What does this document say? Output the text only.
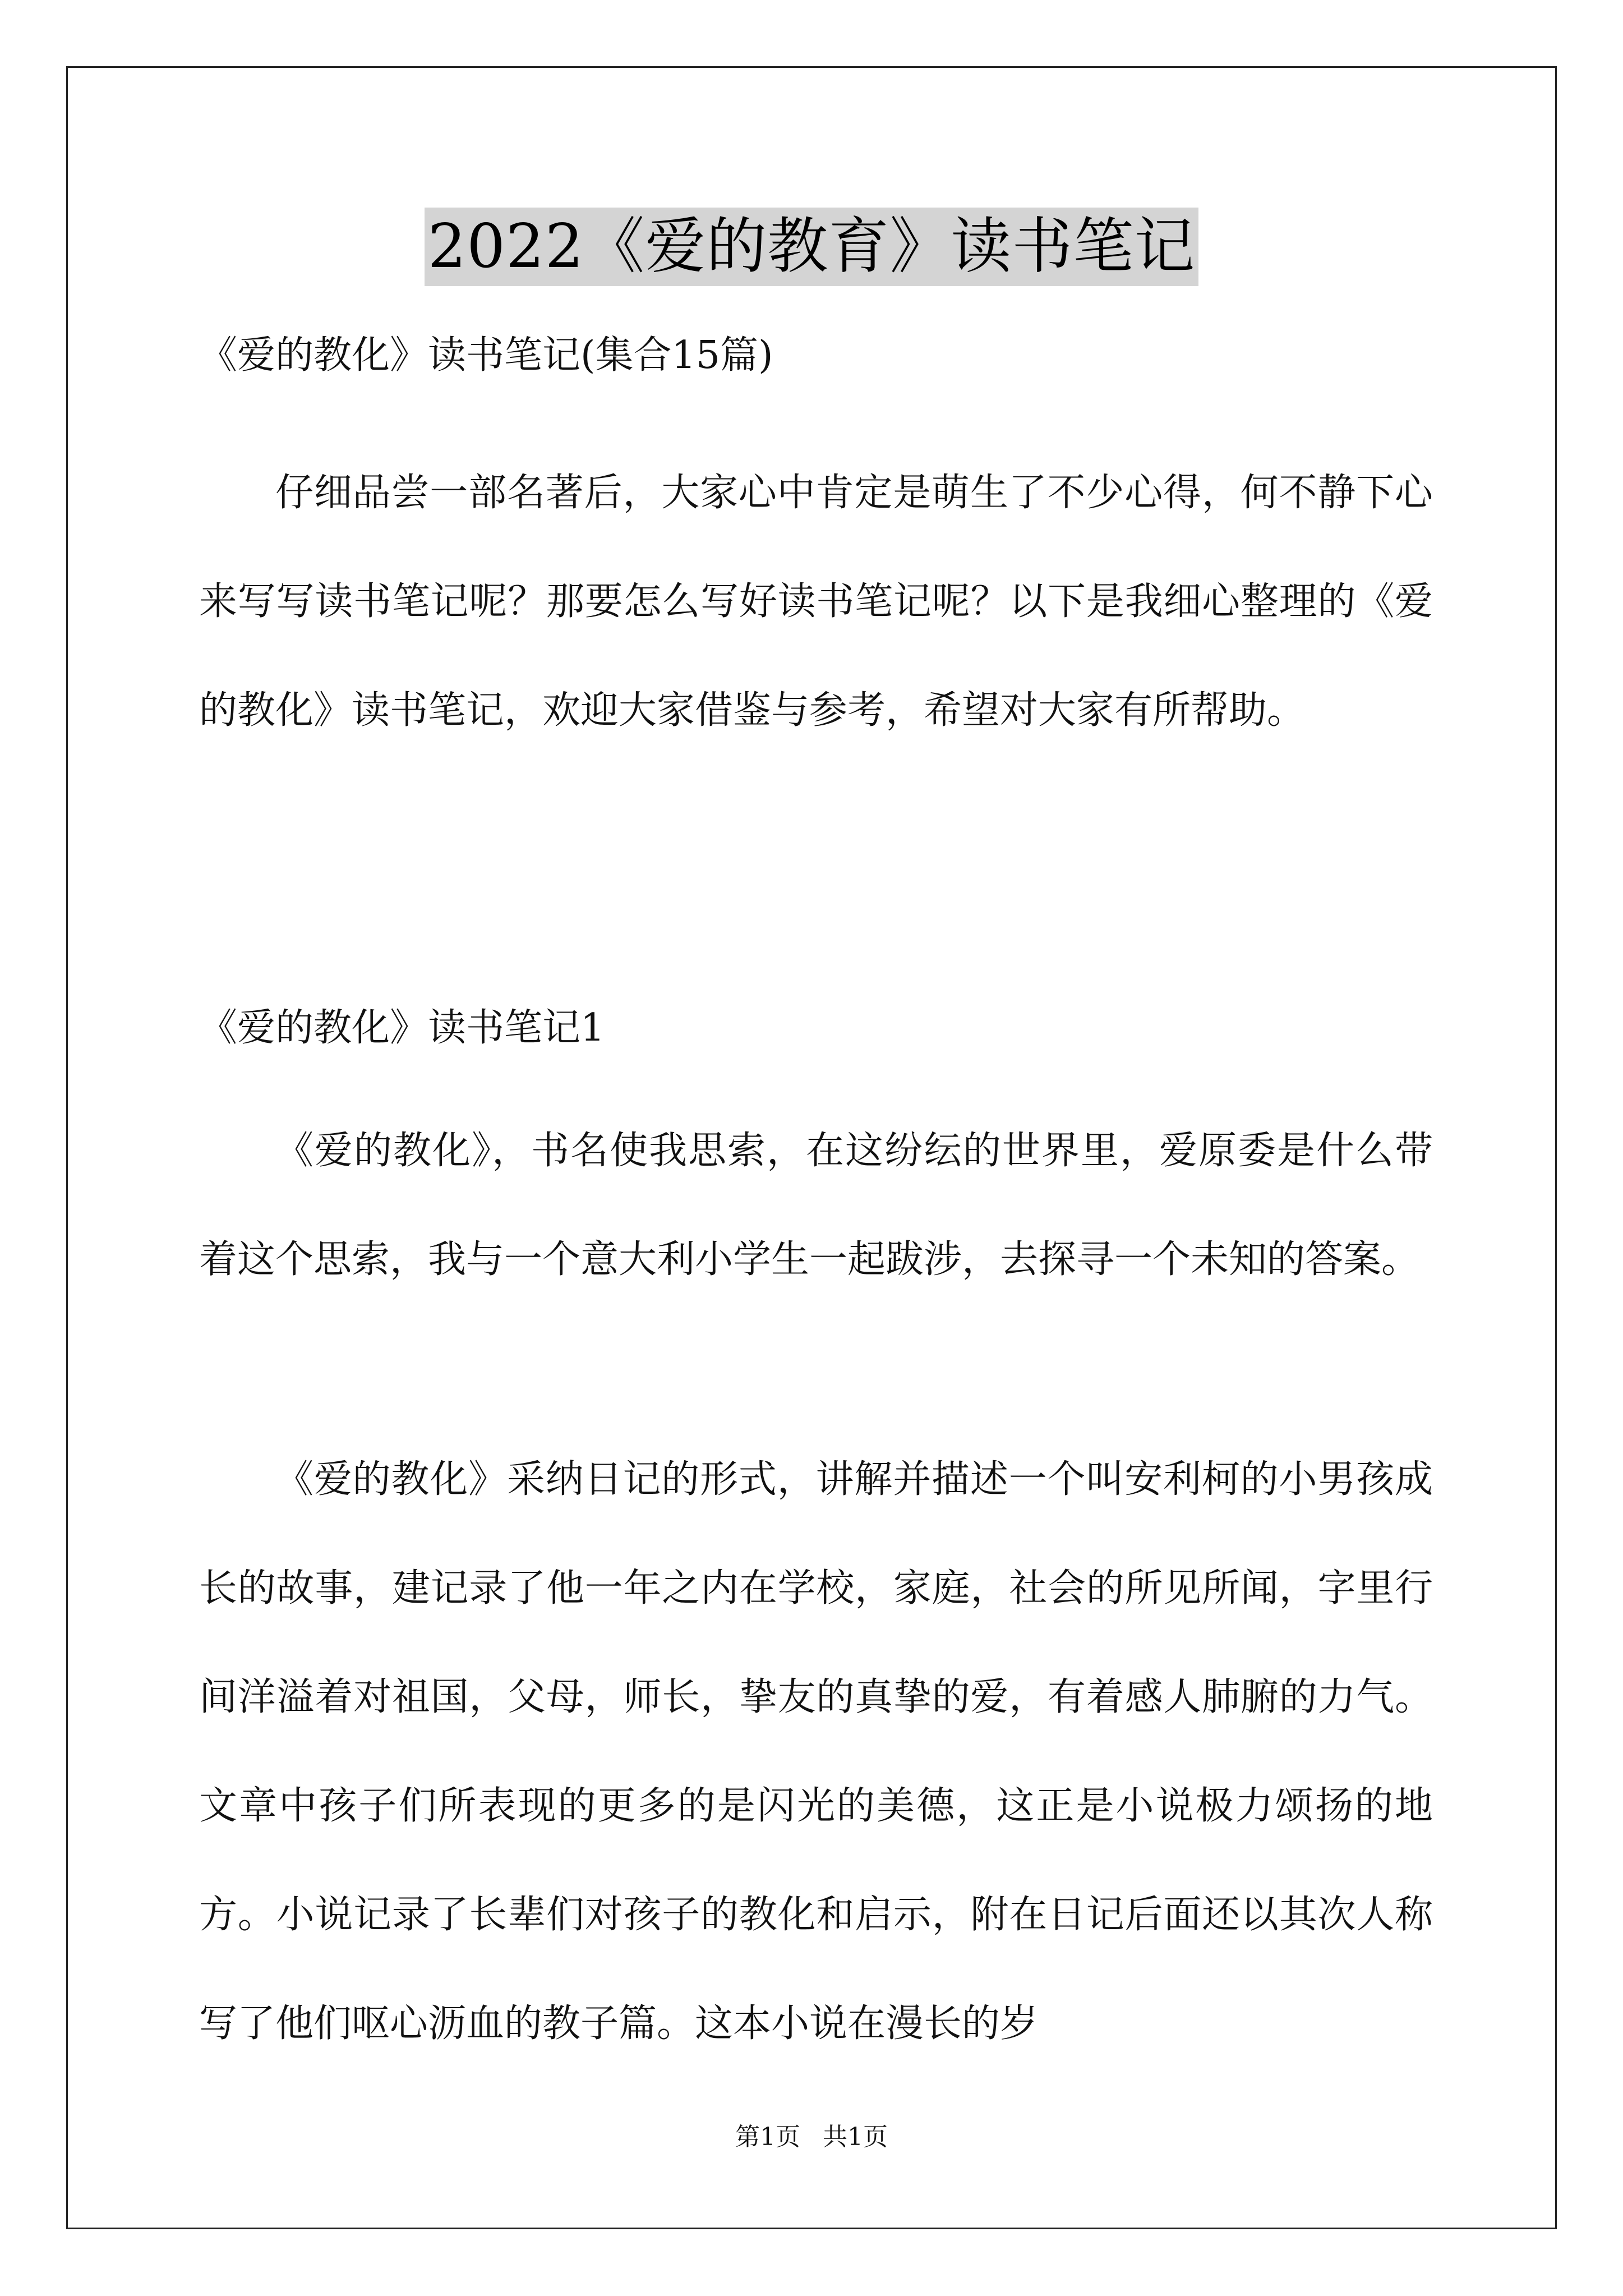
2022《爱的教育》读书笔记
《爱的教化》读书笔记(集合15篇)

仔细品尝一部名著后，大家心中肯定是萌生了不少心得，何不静下心来写写读书笔记呢？那要怎么写好读书笔记呢？以下是我细心整理的《爱的教化》读书笔记，欢迎大家借鉴与参考，希望对大家有所帮助。

《爱的教化》读书笔记1

《爱的教化》，书名使我思索，在这纷纭的世界里，爱原委是什么带着这个思索，我与一个意大利小学生一起跋涉，去探寻一个未知的答案。

《爱的教化》采纳日记的形式，讲解并描述一个叫安利柯的小男孩成长的故事，建记录了他一年之内在学校，家庭，社会的所见所闻，字里行间洋溢着对祖国，父母，师长，挚友的真挚的爱，有着感人肺腑的力气。文章中孩子们所表现的更多的是闪光的美德，这正是小说极力颂扬的地方。小说记录了长辈们对孩子的教化和启示，附在日记后面还以其次人称写了他们呕心沥血的教子篇。这本小说在漫长的岁

第1页 共1页
